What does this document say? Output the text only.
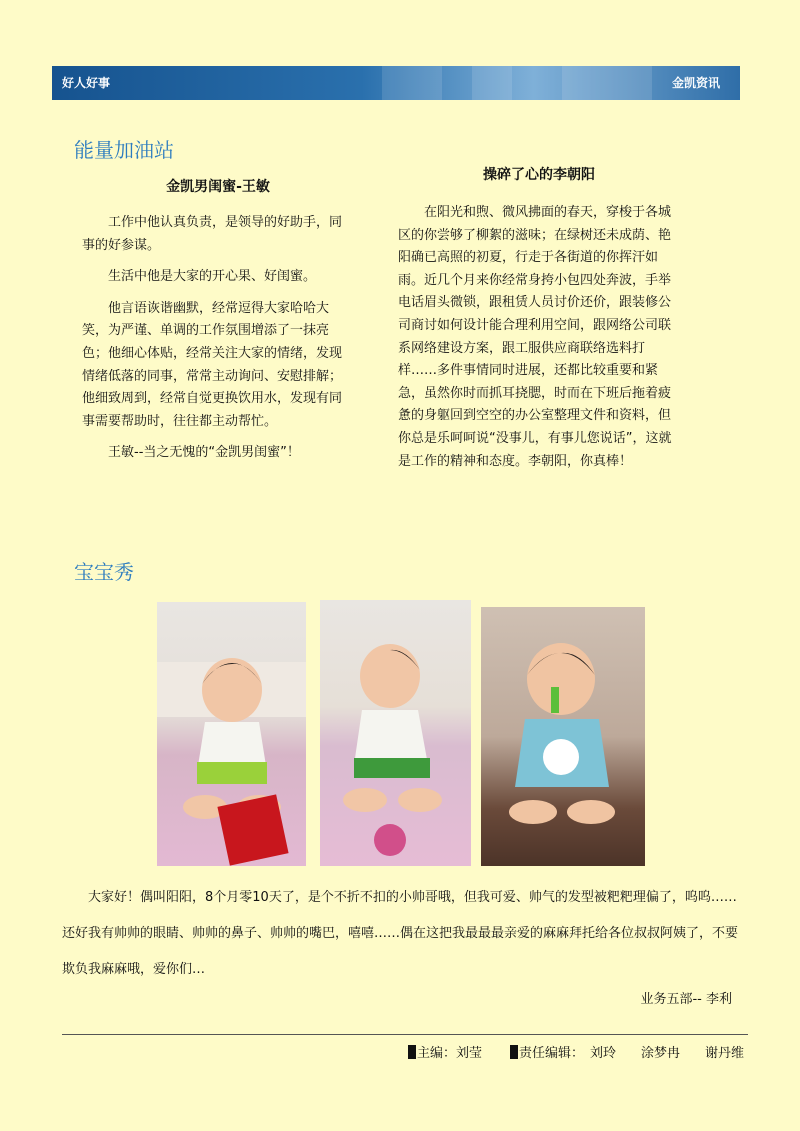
好人好事	金凯资讯
能量加油站
金凯男闺蜜-王敏

工作中他认真负责，是领导的好助手，同事的好参谋。

生活中他是大家的开心果、好闺蜜。

他言语诙谐幽默，经常逗得大家哈哈大笑，为严谨、单调的工作氛围增添了一抹亮色；他细心体贴，经常关注大家的情绪，发现情绪低落的同事，常常主动询问、安慰排解；他细致周到，经常自觉更换饮用水，发现有同事需要帮助时，往往都主动帮忙。

王敏--当之无愧的“金凯男闺蜜”！

操碎了心的李朝阳

在阳光和煦、微风拂面的春天，穿梭于各城区的你尝够了柳絮的滋味；在绿树还未成荫、艳阳确已高照的初夏，行走于各街道的你挥汗如雨。近几个月来你经常身挎小包四处奔波，手举电话眉头微锁，跟租赁人员讨价还价，跟装修公司商讨如何设计能合理利用空间，跟网络公司联系网络建设方案，跟工服供应商联络选料打样……多件事情同时进展，还都比较重要和紧急，虽然你时而抓耳挠腮，时而在下班后拖着疲惫的身躯回到空空的办公室整理文件和资料，但你总是乐呵呵说“没事儿，有事儿您说话”，这就是工作的精神和态度。李朝阳，你真棒！

宝宝秀
大家好！偶叫阳阳，8个月零10天了，是个不折不扣的小帅哥哦，但我可爱、帅气的发型被粑粑理偏了，呜呜……还好我有帅帅的眼睛、帅帅的鼻子、帅帅的嘴巴，嘻嘻……偶在这把我最最最亲爱的麻麻拜托给各位叔叔阿姨了，不要欺负我麻麻哦，爱你们…
业务五部-- 李利
主编：刘莹	责任编辑： 刘玲 涂梦冉 谢丹维
